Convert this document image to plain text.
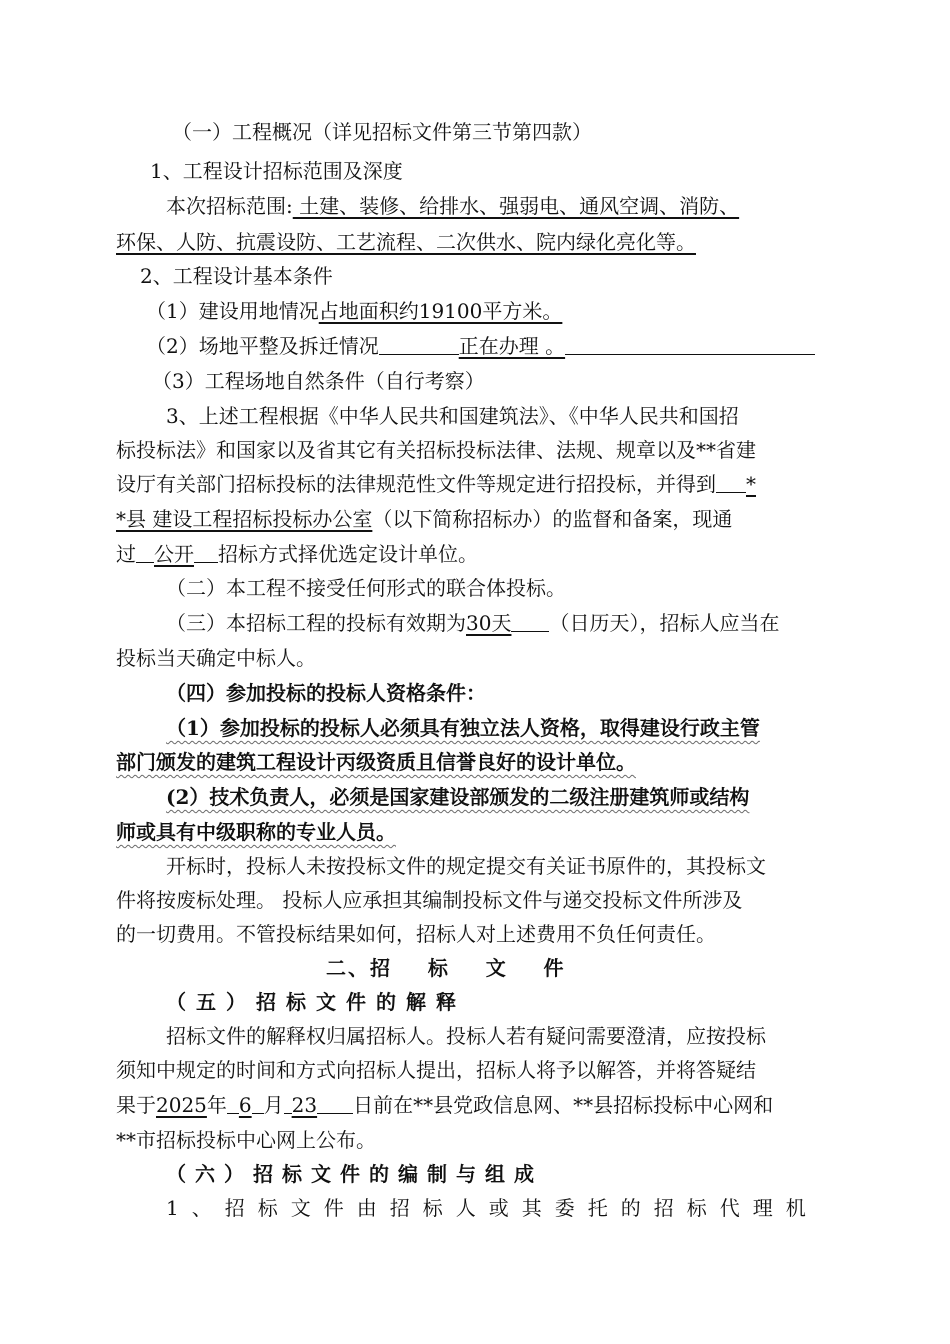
（一）工程概况（详见招标文件第三节第四款）
1、工程设计招标范围及深度
本次招标范围: 土建、装修、给排水、强弱电、通风空调、消防、
环保、人防、抗震设防、工艺流程、二次供水、院内绿化亮化等。
2、工程设计基本条件
（1）建设用地情况占地面积约19100平方米。
（2）场地平整及拆迁情况	正在办理 。
（3）工程场地自然条件（自行考察）
3、上述工程根据《中华人民共和国建筑法》、《中华人民共和国招
标投标法》和国家以及省其它有关招标投标法律、法规、规章以及**省建
设厅有关部门招标投标的法律规范性文件等规定进行招投标，并得到 *
*县 建设工程招标投标办公室（以下简称招标办）的监督和备案，现通
过 公开 招标方式择优选定设计单位。
（二）本工程不接受任何形式的联合体投标。
（三）本招标工程的投标有效期为30天 （日历天），招标人应当在
投标当天确定中标人。
（四）参加投标的投标人资格条件：
（1）参加投标的投标人必须具有独立法人资格，取得建设行政主管
部门颁发的建筑工程设计丙级资质且信誉良好的设计单位。
(2）技术负责人，必须是国家建设部颁发的二级注册建筑师或结构
师或具有中级职称的专业人员。
开标时，投标人未按投标文件的规定提交有关证书原件的，其投标文
件将按废标处理。 投标人应承担其编制投标文件与递交投标文件所涉及
的一切费用。不管投标结果如何，招标人对上述费用不负任何责任。
二、招    标    文    件
（五）招标文件的解释
招标文件的解释权归属招标人。投标人若有疑问需要澄清，应按投标
须知中规定的时间和方式向招标人提出，招标人将予以解答，并将答疑结
果于2025年 6 月 23 日前在**县党政信息网、**县招标投标中心网和
**市招标投标中心网上公布。
（六）招标文件的编制与组成
1、招标文件由招标人或其委托的招标代理机
